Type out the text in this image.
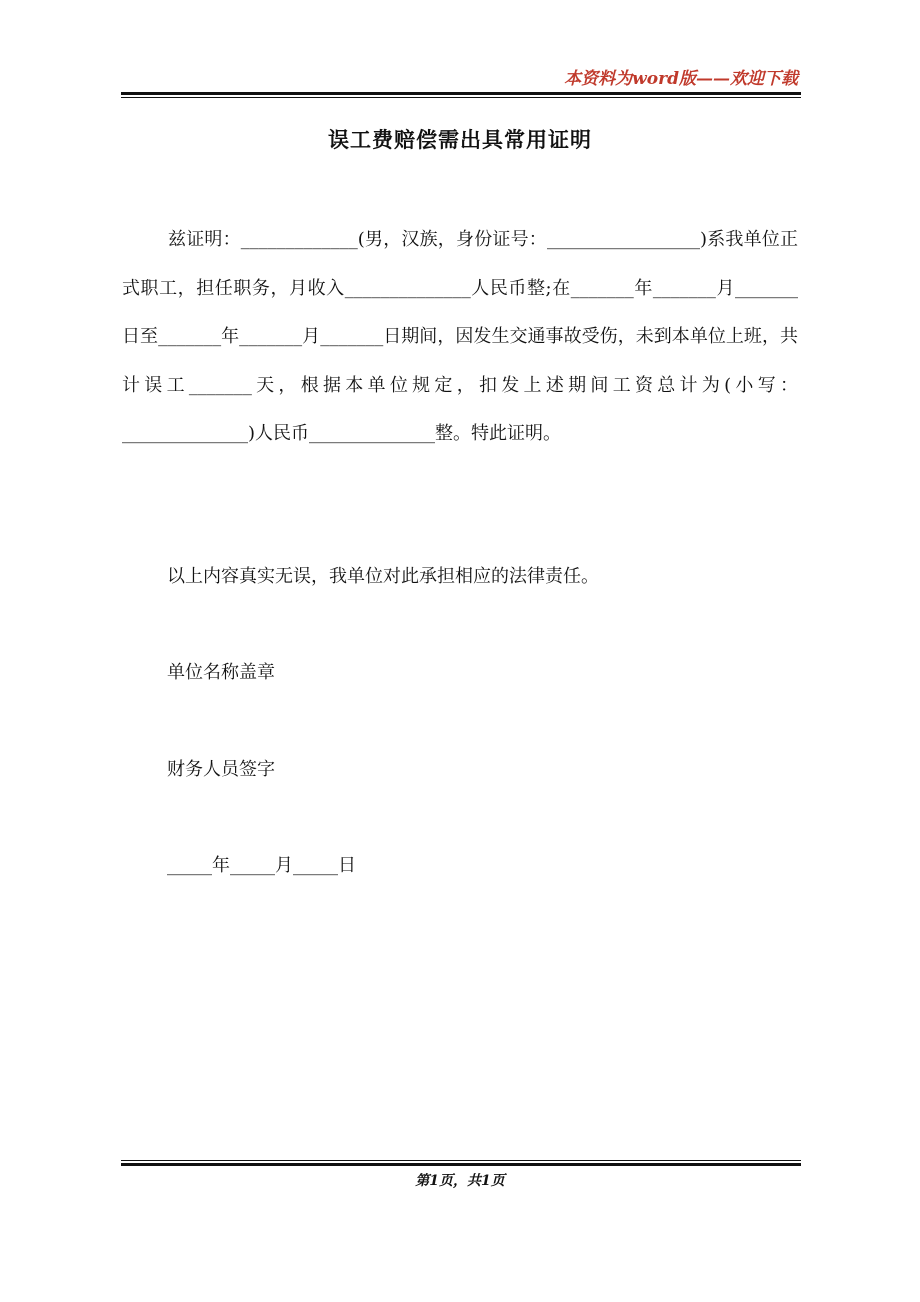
本资料为word版——欢迎下载
误工费赔偿需出具常用证明
兹证明：_____________(男，汉族，身份证号：_________________)系我单位正式职工，担任职务，月收入______________人民币整;在_______年_______月_______日至_______年_______月_______日期间，因发生交通事故受伤，未到本单位上班，共计误工_______天，根据本单位规定，扣发上述期间工资总计为(小写：______________)人民币______________整。特此证明。
以上内容真实无误，我单位对此承担相应的法律责任。
单位名称盖章
财务人员签字
_____年_____月_____日
第1页，共1页
